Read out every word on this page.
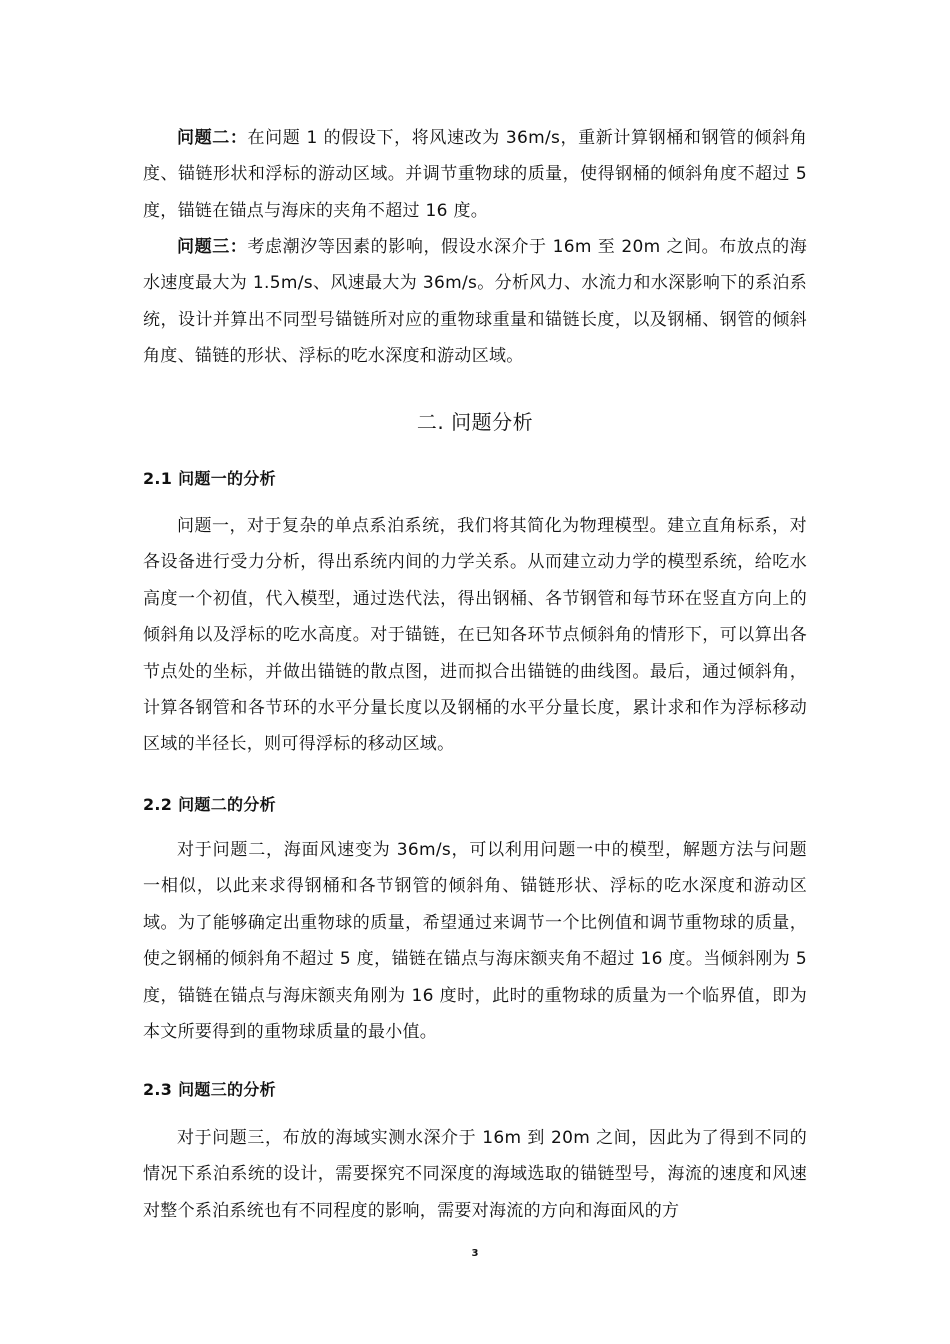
问题二：在问题 1 的假设下，将风速改为 36m/s，重新计算钢桶和钢管的倾斜角度、锚链形状和浮标的游动区域。并调节重物球的质量，使得钢桶的倾斜角度不超过 5 度，锚链在锚点与海床的夹角不超过 16 度。

问题三：考虑潮汐等因素的影响，假设水深介于 16m 至 20m 之间。布放点的海水速度最大为 1.5m/s、风速最大为 36m/s。分析风力、水流力和水深影响下的系泊系统，设计并算出不同型号锚链所对应的重物球重量和锚链长度，以及钢桶、钢管的倾斜角度、锚链的形状、浮标的吃水深度和游动区域。

二. 问题分析
2.1 问题一的分析

问题一，对于复杂的单点系泊系统，我们将其简化为物理模型。建立直角标系，对各设备进行受力分析，得出系统内间的力学关系。从而建立动力学的模型系统，给吃水高度一个初值，代入模型，通过迭代法，得出钢桶、各节钢管和每节环在竖直方向上的倾斜角以及浮标的吃水高度。对于锚链，在已知各环节点倾斜角的情形下，可以算出各节点处的坐标，并做出锚链的散点图，进而拟合出锚链的曲线图。最后，通过倾斜角，计算各钢管和各节环的水平分量长度以及钢桶的水平分量长度，累计求和作为浮标移动区域的半径长，则可得浮标的移动区域。

2.2 问题二的分析

对于问题二，海面风速变为 36m/s，可以利用问题一中的模型，解题方法与问题一相似，以此来求得钢桶和各节钢管的倾斜角、锚链形状、浮标的吃水深度和游动区域。为了能够确定出重物球的质量，希望通过来调节一个比例值和调节重物球的质量，使之钢桶的倾斜角不超过 5 度，锚链在锚点与海床额夹角不超过 16 度。当倾斜刚为 5 度，锚链在锚点与海床额夹角刚为 16 度时，此时的重物球的质量为一个临界值，即为本文所要得到的重物球质量的最小值。

2.3 问题三的分析

对于问题三，布放的海域实测水深介于 16m 到 20m 之间，因此为了得到不同的情况下系泊系统的设计，需要探究不同深度的海域选取的锚链型号，海流的速度和风速对整个系泊系统也有不同程度的影响，需要对海流的方向和海面风的方

3
